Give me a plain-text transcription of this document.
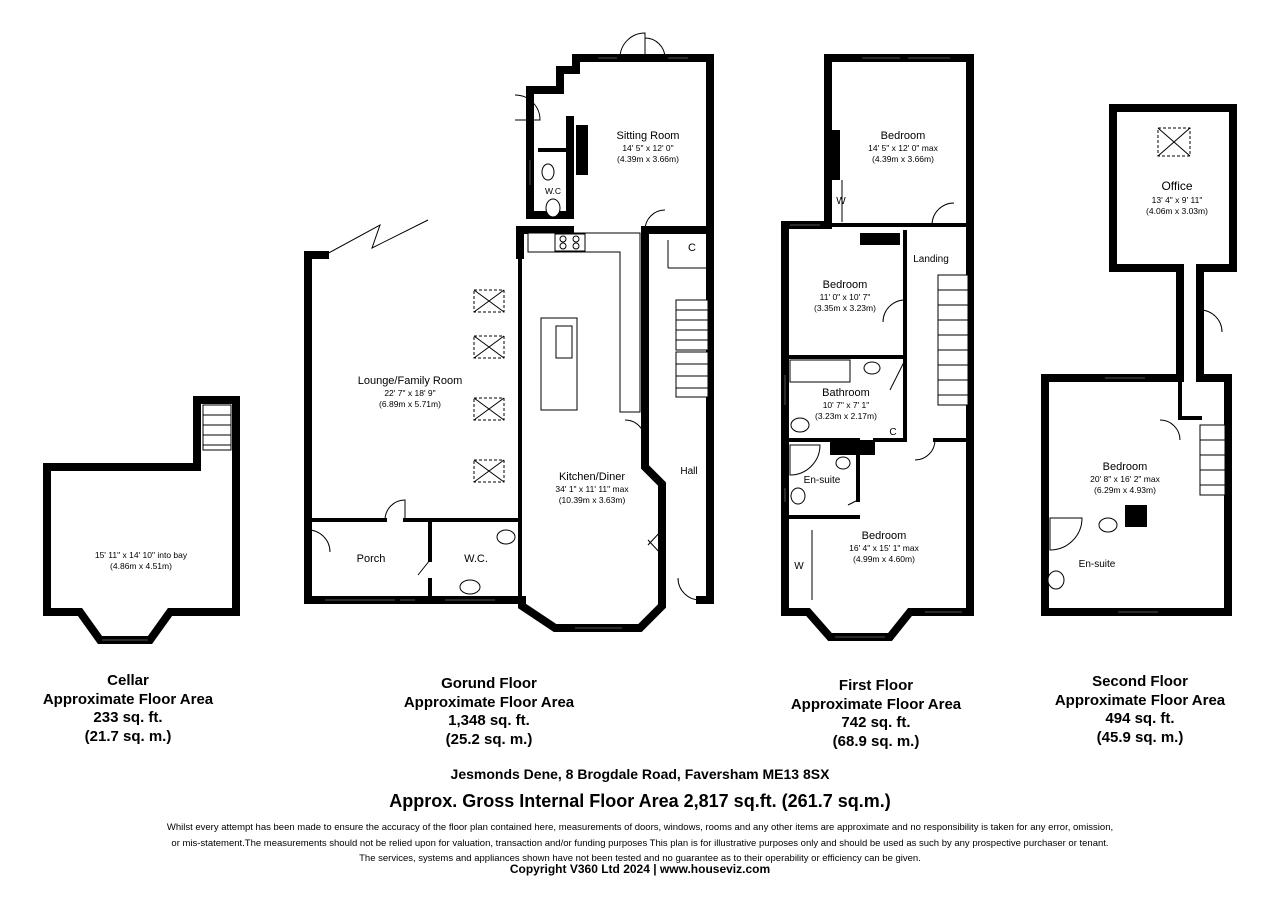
15' 11" x 14' 10" into bay
(4.86m x 4.51m)
Sitting Room
14' 5" x 12' 0"
(4.39m x 3.66m)
W.C
C
Lounge/Family Room
22' 7" x 18' 9"
(6.89m x 5.71m)
Kitchen/Diner
34' 1" x 11' 11" max
(10.39m x 3.63m)
Hall
Porch	W.C.
Bedroom
14' 5" x 12' 0" max
(4.39m x 3.66m)
W
Landing
Bedroom
11' 0" x 10' 7"
(3.35m x 3.23m)
Bathroom
10' 7" x 7' 1"
(3.23m x 2.17m)
C
En-suite
Bedroom
16' 4" x 15' 1" max
(4.99m x 4.60m)
W
Office
13' 4" x 9' 11"
(4.06m x 3.03m)
Bedroom
20' 8" x 16' 2" max
(6.29m x 4.93m)
En-suite
Cellar
Approximate Floor Area
233 sq. ft.
(21.7 sq. m.)
Gorund Floor
Approximate Floor Area
1,348 sq. ft.
(25.2 sq. m.)
First Floor
Approximate Floor Area
742 sq. ft.
(68.9 sq. m.)
Second Floor
Approximate Floor Area
494 sq. ft.
(45.9 sq. m.)
Jesmonds Dene, 8 Brogdale Road, Faversham ME13 8SX
Approx. Gross Internal Floor Area 2,817 sq.ft. (261.7 sq.m.)
Whilst every attempt has been made to ensure the accuracy of the floor plan contained here, measurements of doors, windows, rooms and any other items are approximate and no responsibility is taken for any error, omission,
or mis-statement.The measurements should not be relied upon for valuation, transaction and/or funding purposes This plan is for illustrative purposes only and should be used as such by any prospective purchaser or tenant.
The services, systems and appliances shown have not been tested and no guarantee as to their operability or efficiency can be given.
Copyright V360 Ltd 2024 | www.houseviz.com
